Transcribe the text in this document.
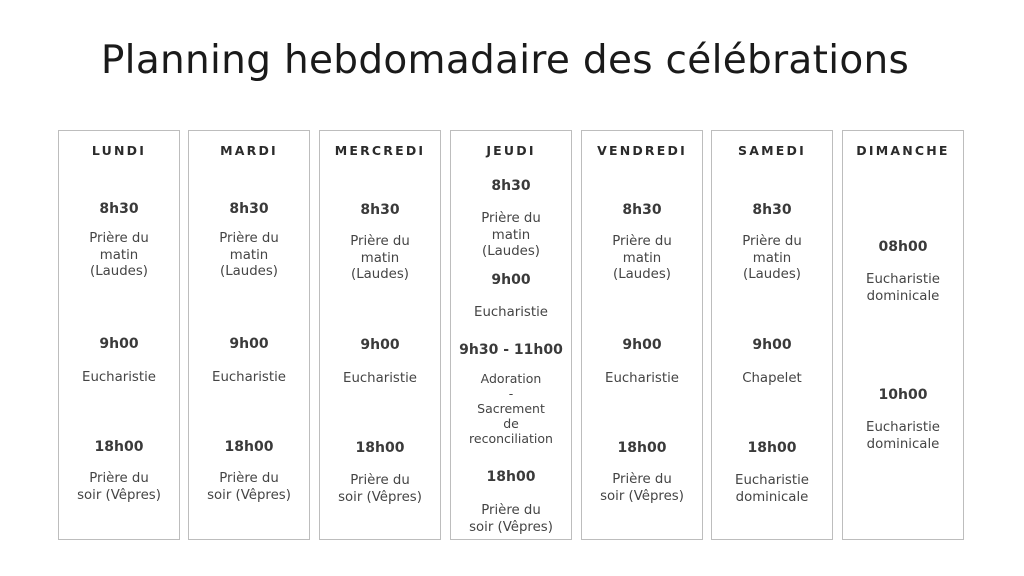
Planning hebdomadaire des célébrations
LUNDI
8h30
Prière du
matin
(Laudes)
9h00
Eucharistie
18h00
Prière du
soir (Vêpres)
MARDI
8h30
Prière du
matin
(Laudes)
9h00
Eucharistie
18h00
Prière du
soir (Vêpres)
MERCREDI
8h30
Prière du
matin
(Laudes)
9h00
Eucharistie
18h00
Prière du
soir (Vêpres)
JEUDI
8h30
Prière du
matin
(Laudes)
9h00
Eucharistie
9h30 - 11h00
Adoration
-
Sacrement
de
reconciliation
18h00
Prière du
soir (Vêpres)
VENDREDI
8h30
Prière du
matin
(Laudes)
9h00
Eucharistie
18h00
Prière du
soir (Vêpres)
SAMEDI
8h30
Prière du
matin
(Laudes)
9h00
Chapelet
18h00
Eucharistie
dominicale
DIMANCHE
08h00
Eucharistie
dominicale
10h00
Eucharistie
dominicale
